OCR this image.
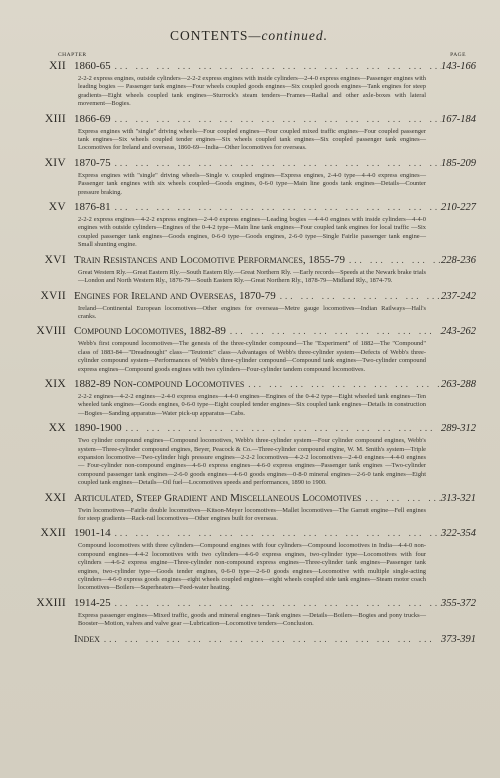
CONTENTS—continued.
CHAPTER	PAGE
XII 1860-65 ... .	143-166
2-2-2 express engines, outside cylinders—2-2-2 express engines with inside cylinders—2-4-0 express engines—Passenger engines with leading bogies — Passenger tank engines—Four wheels coupled goods engines—Six coupled goods engines—Tank engines for steep gradients—Eight wheels coupled tank engines—Sturrock's steam tenders—Frames—Radial and other axle-boxes with lateral movement—Bogies.
XIII 1866-69 ... .	167-184
Express engines with "single" driving wheels—Four coupled engines—Four coupled mixed traffic engines—Four coupled passenger tank engines—Six wheels coupled tender engines—Six wheels coupled tank engines—Six coupled passenger tank engines—Locomotives for Ireland and overseas, 1860-69—India—Other locomotives for overseas.
XIV 1870-75 ... .	185-209
Express engines with "single" driving wheels—Single v. coupled engines—Express engines, 2-4-0 type—4-4-0 express engines—Passenger tank engines with six wheels coupled—Goods engines, 0-6-0 type—Main line goods tank engines—Details—Counter pressure braking.
XV 1876-81 ... .	210-227
2-2-2 express engines—4-2-2 express engines—2-4-0 express engines—Leading bogies —4-4-0 engines with inside cylinders—4-4-0 engines with outside cylinders—Engines of the 0-4-2 type—Main line tank engines—Four coupled tank engines for local traffic —Six coupled passenger tank engines—Goods engines, 0-6-0 type—Goods engines, 2-6-0 type—Single Fairlie passenger tank engine—Small shunting engine.
XVI Train Resistances and Locomotive Performances, 1855-79 ... .	228-236
Great Western Rly.—Great Eastern Rly.—South Eastern Rly.—Great Northern Rly. —Early records—Speeds at the Newark brake trials—London and North Western Rly., 1876-79—South Eastern Rly.—Great Northern Rly., 1878-79—Midland Rly., 1874-79.
XVII Engines for Ireland and Overseas, 1870-79 ... .	237-242
Ireland—Continental European locomotives—Other engines for overseas—Metre gauge locomotives—Indian Railways—Hall's cranks.
XVIII Compound Locomotives, 1882-89 ... .	243-262
Webb's first compound locomotives—The genesis of the three-cylinder compound—The "Experiment" of 1882—The "Compound" class of 1883-84—"Dreadnought" class—"Teutonic" class—Advantages of Webb's three-cylinder system—Defects of Webb's three-cylinder compound system—Performances of Webb's three-cylinder compound—Compound tank engines—Two-cylinder compound express engines—Compound goods engines with two cylinders—Four-cylinder tandem compound locomotives.
XIX 1882-89 Non-compound Locomotives ... .	263-288
2-2-2 engines—4-2-2 engines—2-4-0 express engines—4-4-0 engines—Engines of the 0-4-2 type—Eight wheeled tank engines—Ten wheeled tank engines—Goods engines, 0-6-0 type—Eight coupled tender engines—Six coupled tank engines—Details in construction—Bogies—Sanding apparatus—Water pick-up apparatus—Cabs.
XX 1890-1900 ... .	289-312
Two cylinder compound engines—Compound locomotives, Webb's three-cylinder system—Four cylinder compound engines, Webb's system—Three-cylinder compound engines, Beyer, Peacock & Co.—Three-cylinder compound engine, W. M. Smith's system—Triple expansion locomotive—Two-cylinder high pressure engines—2-2-2 locomotives—4-2-2 locomotives—2-4-0 engines—4-4-0 engines — Four-cylinder non-compound engines—4-6-0 express engines—4-6-0 express engines—Passenger tank engines —Two-cylinder compound passenger tank engines—2-6-0 goods engines—4-6-0 goods engines—0-8-0 mineral engines—2-6-0 tank engines—Eight coupled tank engines—Details—Oil fuel—Locomotives speeds and performances, 1890 to 1900.
XXI Articulated, Steep Gradient and Miscellaneous Locomotives ... .	313-321
Twin locomotives—Fairlie double locomotives—Kitson-Meyer locomotives—Mallet locomotives—The Garratt engine—Fell engines for steep gradients—Rack-rail locomotives—Other engines built for overseas.
XXII 1901-14 ... .	322-354
Compound locomotives with three cylinders—Compound engines with four cylinders—Compound locomotives in India—4-4-0 non-compound engines—4-4-2 locomotives with two cylinders—4-6-0 express engines, two-cylinder type—Locomotives with four cylinders —4-6-2 express engine—Three-cylinder non-compound express engines—Three-cylinder tank engines—Passenger tank engines, two-cylinder type—Goods tender engines, 0-6-0 type—2-6-0 goods engines—Locomotive with multiple single-acting cylinders—4-6-0 express goods engines—eight wheels coupled engines—eight wheels coupled side tank engines—Steam motor coach locomotives—Boilers—Superheaters—Feed-water heating.
XXIII 1914-25 ... .	355-372
Express passenger engines—Mixed traffic, goods and mineral engines—Tank engines —Details—Boilers—Bogies and pony trucks—Booster—Motion, valves and valve gear —Lubrication—Locomotive tenders—Conclusion.
Index ... .	373-391
